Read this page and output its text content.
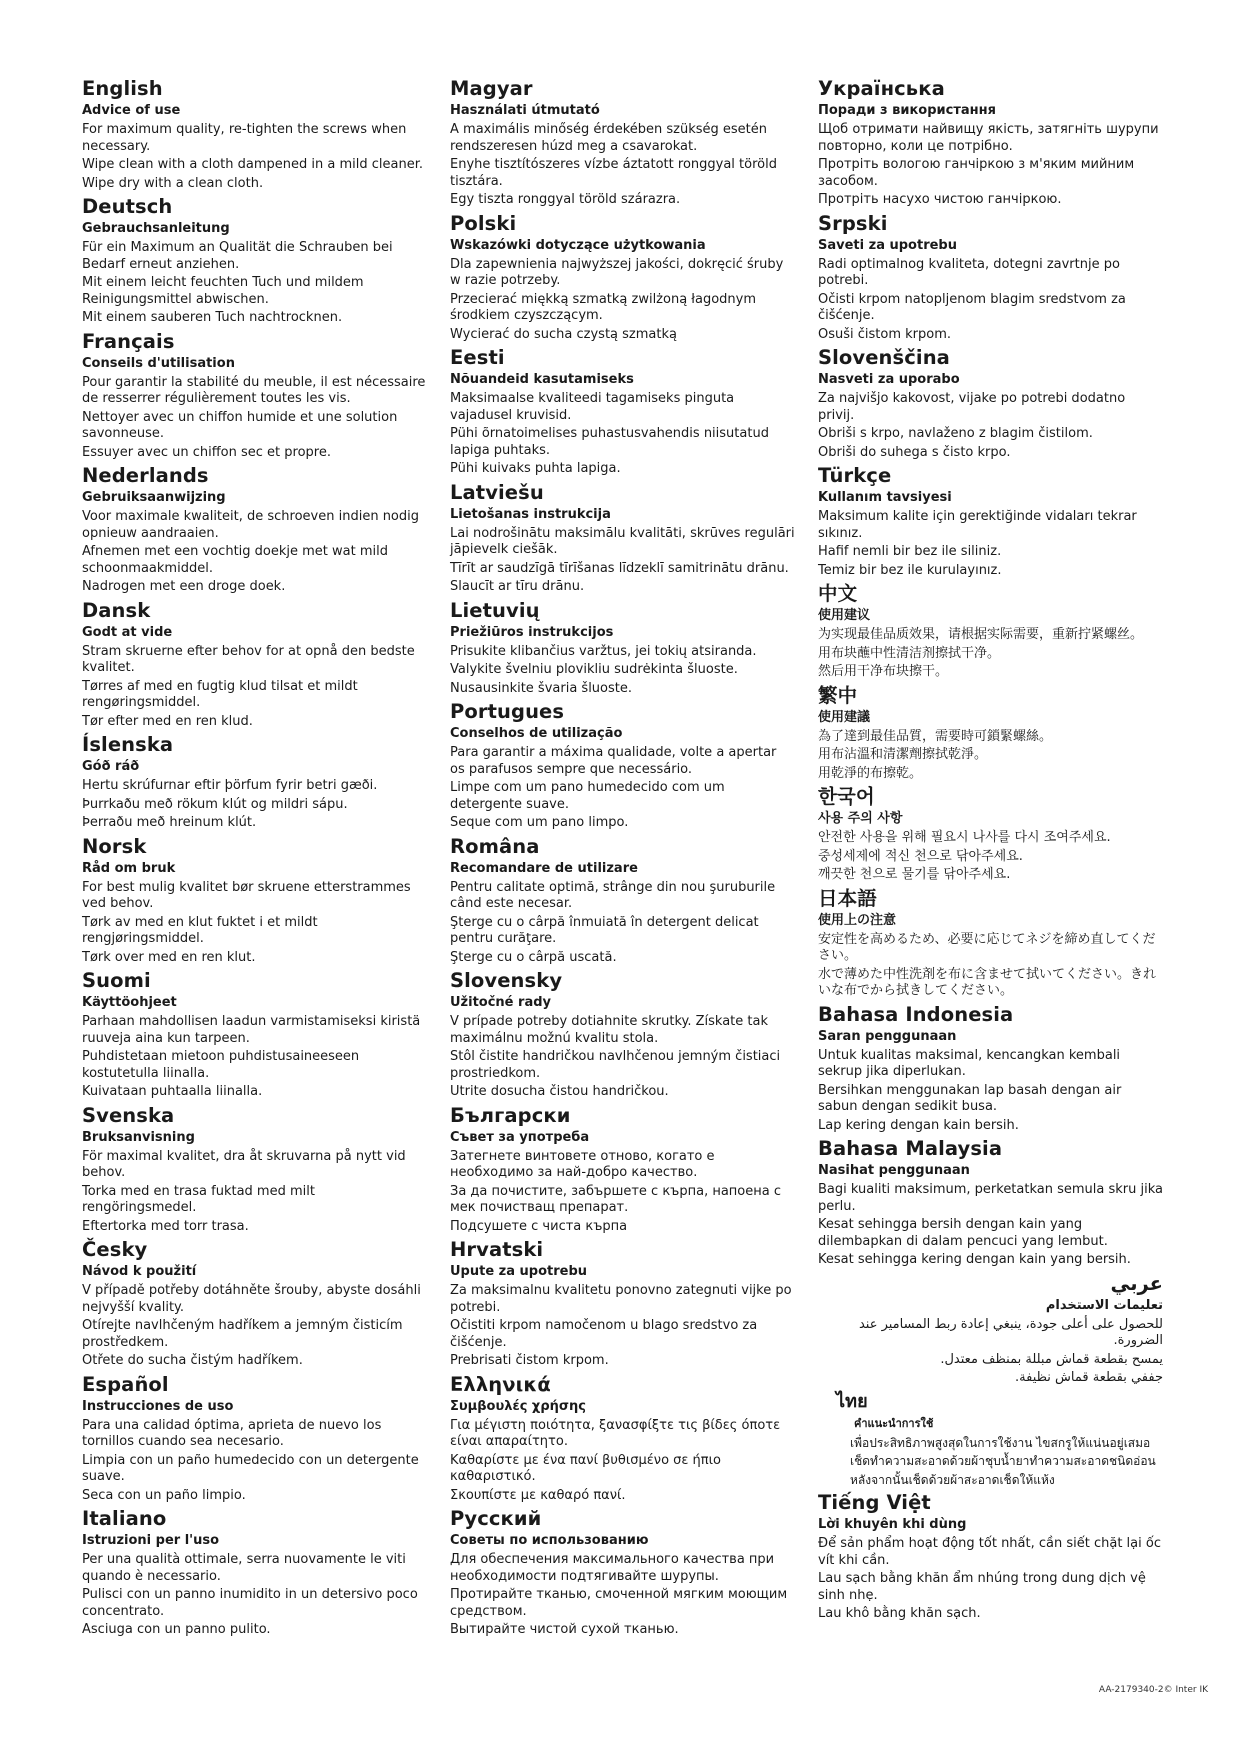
English
Advice of use
For maximum quality, re-tighten the screws when necessary.
Wipe clean with a cloth dampened in a mild cleaner.
Wipe dry with a clean cloth.
Deutsch
Gebrauchsanleitung
Für ein Maximum an Qualität die Schrauben bei Bedarf erneut anziehen.
Mit einem leicht feuchten Tuch und mildem Reinigungsmittel abwischen.
Mit einem sauberen Tuch nachtrocknen.
Français
Conseils d'utilisation
Pour garantir la stabilité du meuble, il est nécessaire de resserrer régulièrement toutes les vis.
Nettoyer avec un chiffon humide et une solution savonneuse.
Essuyer avec un chiffon sec et propre.
Nederlands
Gebruiksaanwijzing
Voor maximale kwaliteit, de schroeven indien nodig opnieuw aandraaien.
Afnemen met een vochtig doekje met wat mild schoonmaakmiddel.
Nadrogen met een droge doek.
Dansk
Godt at vide
Stram skruerne efter behov for at opnå den bedste kvalitet.
Tørres af med en fugtig klud tilsat et mildt rengøringsmiddel.
Tør efter med en ren klud.
Íslenska
Góð ráð
Hertu skrúfurnar eftir þörfum fyrir betri gæði.
Þurrkaðu með rökum klút og mildri sápu.
Þerraðu með hreinum klút.
Norsk
Råd om bruk
For best mulig kvalitet bør skruene etterstrammes ved behov.
Tørk av med en klut fuktet i et mildt rengjøringsmiddel.
Tørk over med en ren klut.
Suomi
Käyttöohjeet
Parhaan mahdollisen laadun varmistamiseksi kiristä ruuveja aina kun tarpeen.
Puhdistetaan mietoon puhdistusaineeseen kostutetulla liinalla.
Kuivataan puhtaalla liinalla.
Svenska
Bruksanvisning
För maximal kvalitet, dra åt skruvarna på nytt vid behov.
Torka med en trasa fuktad med milt rengöringsmedel.
Eftertorka med torr trasa.
Česky
Návod k použití
V případě potřeby dotáhněte šrouby, abyste dosáhli nejvyšší kvality.
Otírejte navlhčeným hadříkem a jemným čisticím prostředkem.
Otřete do sucha čistým hadříkem.
Español
Instrucciones de uso
Para una calidad óptima, aprieta de nuevo los tornillos cuando sea necesario.
Limpia con un paño humedecido con un detergente suave.
Seca con un paño limpio.
Italiano
Istruzioni per l'uso
Per una qualità ottimale, serra nuovamente le viti quando è necessario.
Pulisci con un panno inumidito in un detersivo poco concentrato.
Asciuga con un panno pulito.
Magyar
Használati útmutató
A maximális minőség érdekében szükség esetén rendszeresen húzd meg a csavarokat.
Enyhe tisztítószeres vízbe áztatott ronggyal töröld tisztára.
Egy tiszta ronggyal töröld szárazra.
Polski
Wskazówki dotyczące użytkowania
Dla zapewnienia najwyższej jakości, dokręcić śruby w razie potrzeby.
Przecierać miękką szmatką zwilżoną łagodnym środkiem czyszczącym.
Wycierać do sucha czystą szmatką
Eesti
Nõuandeid kasutamiseks
Maksimaalse kvaliteedi tagamiseks pinguta vajadusel kruvisid.
Pühi õrnatoimelises puhastusvahendis niisutatud lapiga puhtaks.
Pühi kuivaks puhta lapiga.
Latviešu
Lietošanas instrukcija
Lai nodrošinātu maksimālu kvalitāti, skrūves regulāri jāpievelk ciešāk.
Tīrīt ar saudzīgā tīrīšanas līdzeklī samitrinātu drānu.
Slaucīt ar tīru drānu.
Lietuvių
Priežiūros instrukcijos
Prisukite klibančius varžtus, jei tokių atsiranda.
Valykite švelniu plovikliu sudrėkinta šluoste.
Nusausinkite švaria šluoste.
Portugues
Conselhos de utilização
Para garantir a máxima qualidade, volte a apertar os parafusos sempre que necessário.
Limpe com um pano humedecido com um detergente suave.
Seque com um pano limpo.
Româna
Recomandare de utilizare
Pentru calitate optimă, strânge din nou şuruburile când este necesar.
Şterge cu o cârpă înmuiată în detergent delicat pentru curăţare.
Şterge cu o cârpă uscată.
Slovensky
Užitočné rady
V prípade potreby dotiahnite skrutky. Získate tak maximálnu možnú kvalitu stola.
Stôl čistite handričkou navlhčenou jemným čistiaci prostriedkom.
Utrite dosucha čistou handričkou.
Български
Съвет за употреба
Затегнете винтовете отново, когато е необходимо за най-добро качество.
За да почистите, забършете с кърпа, напоена с мек почистващ препарат.
Подсушете с чиста кърпа
Hrvatski
Upute za upotrebu
Za maksimalnu kvalitetu ponovno zategnuti vijke po potrebi.
Očistiti krpom namočenom u blago sredstvo za čišćenje.
Prebrisati čistom krpom.
Ελληνικά
Συμβουλές χρήσης
Για μέγιστη ποιότητα, ξανασφίξτε τις βίδες όποτε είναι απαραίτητο.
Καθαρίστε με ένα πανί βυθισμένο σε ήπιο καθαριστικό.
Σκουπίστε με καθαρό πανί.
Русский
Советы по использованию
Для обеспечения максимального качества при необходимости подтягивайте шурупы.
Протирайте тканью, смоченной мягким моющим средством.
Вытирайте чистой сухой тканью.
Українська
Поради з використання
Щоб отримати найвищу якість, затягніть шурупи повторно, коли це потрібно.
Протріть вологою ганчіркою з м'яким мийним засобом.
Протріть насухо чистою ганчіркою.
Srpski
Saveti za upotrebu
Radi optimalnog kvaliteta, dotegni zavrtnje po potrebi.
Očisti krpom natopljenom blagim sredstvom za čišćenje.
Osuši čistom krpom.
Slovenščina
Nasveti za uporabo
Za najvišjo kakovost, vijake po potrebi dodatno privij.
Obriši s krpo, navlaženo z blagim čistilom.
Obriši do suhega s čisto krpo.
Türkçe
Kullanım tavsiyesi
Maksimum kalite için gerektiğinde vidaları tekrar sıkınız.
Hafif nemli bir bez ile siliniz.
Temiz bir bez ile kurulayınız.
中文
使用建议
为实现最佳品质效果，请根据实际需要，重新拧紧螺丝。
用布块蘸中性清洁剂擦拭干净。
然后用干净布块擦干。
繁中
使用建議
為了達到最佳品質，需要時可鎖緊螺絲。
用布沾溫和清潔劑擦拭乾淨。
用乾淨的布擦乾。
한국어
사용 주의 사항
안전한 사용을 위해 필요시 나사를 다시 조여주세요.
중성세제에 적신 천으로 닦아주세요.
깨끗한 천으로 물기를 닦아주세요.
日本語
使用上の注意
安定性を高めるため、必要に応じてネジを締め直してください。
水で薄めた中性洗剤を布に含ませて拭いてください。きれいな布でから拭きしてください。
Bahasa Indonesia
Saran penggunaan
Untuk kualitas maksimal, kencangkan kembali sekrup jika diperlukan.
Bersihkan menggunakan lap basah dengan air sabun dengan sedikit busa.
Lap kering dengan kain bersih.
Bahasa Malaysia
Nasihat penggunaan
Bagi kualiti maksimum, perketatkan semula skru jika perlu.
Kesat sehingga bersih dengan kain yang dilembapkan di dalam pencuci yang lembut.
Kesat sehingga kering dengan kain yang bersih.
عربي
تعليمات الاستخدام
للحصول على أعلى جودة، ينبغي إعادة ربط المسامير عند الضرورة.
يمسح بقطعة قماش مبللة بمنظف معتدل.
جففي بقطعة قماش نظيفة.
ไทย
คำแนะนำการใช้
เพื่อประสิทธิภาพสูงสุดในการใช้งาน ไขสกรูให้แน่นอยู่เสมอ
เช็ดทำความสะอาดด้วยผ้าชุบน้ำยาทำความสะอาดชนิดอ่อน
หลังจากนั้นเช็ดด้วยผ้าสะอาดเช็ดให้แห้ง
Tiếng Việt
Lời khuyên khi dùng
Để sản phẩm hoạt động tốt nhất, cần siết chặt lại ốc vít khi cần.
Lau sạch bằng khăn ẩm nhúng trong dung dịch vệ sinh nhẹ.
Lau khô bằng khăn sạch.
AA-2179340-2© Inter IK
